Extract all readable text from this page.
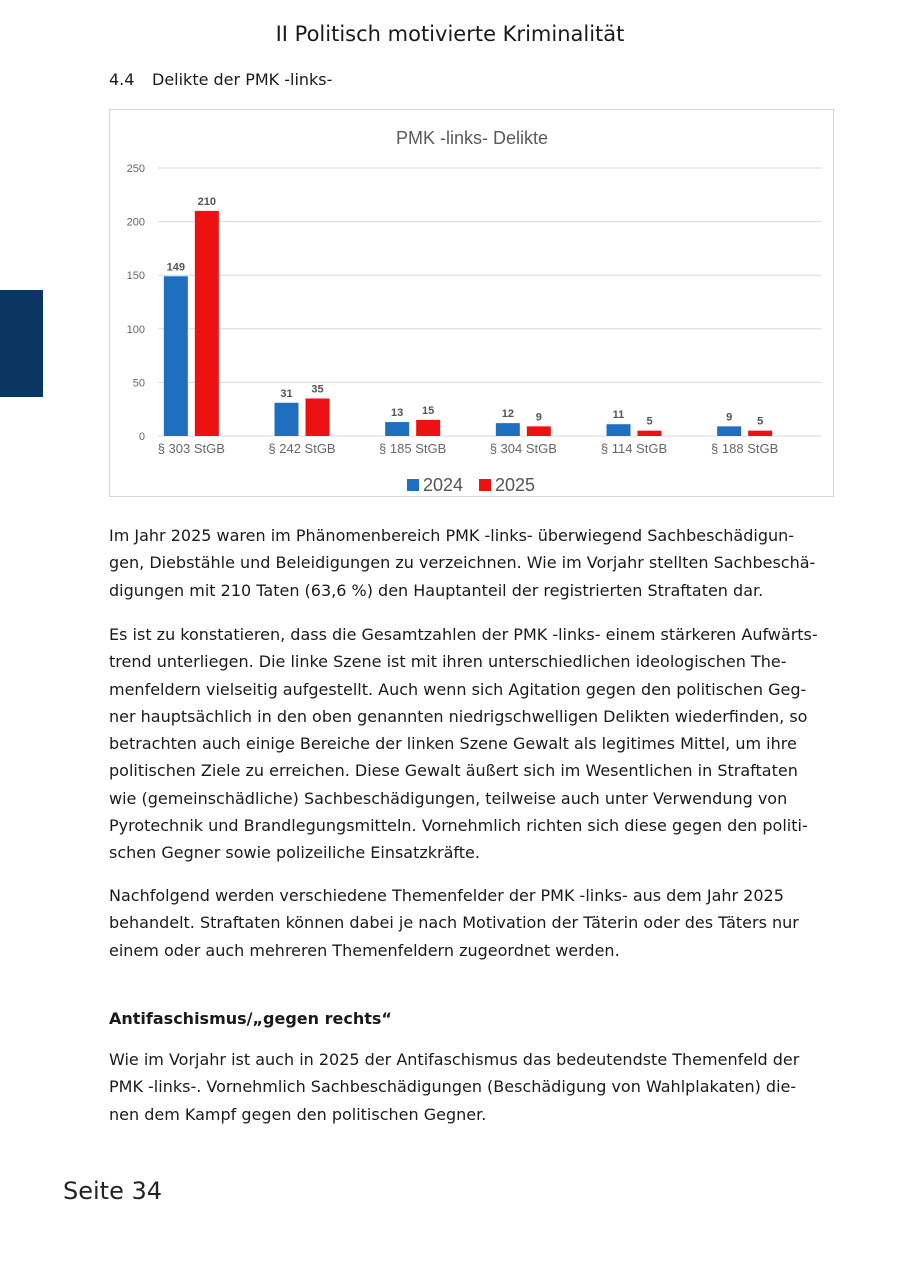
II Politisch motivierte Kriminalität
4.4 Delikte der PMK -links-
PMK -links- Delikte
0
50
100
150
200
250
149
210
§ 303 StGB
31 35
§ 242 StGB
13 15
§ 185 StGB
12 9
§ 304 StGB
11
5
§ 114 StGB
9 5
§ 188 StGB
2024 2025

Im Jahr 2025 waren im Phänomenbereich PMK -links- überwiegend Sachbeschädigun-
gen, Diebstähle und Beleidigungen zu verzeichnen. Wie im Vorjahr stellten Sachbeschä-
digungen mit 210 Taten (63,6 %) den Hauptanteil der registrierten Straftaten dar.

Es ist zu konstatieren, dass die Gesamtzahlen der PMK -links- einem stärkeren Aufwärts-
trend unterliegen. Die linke Szene ist mit ihren unterschiedlichen ideologischen The-
menfeldern vielseitig aufgestellt. Auch wenn sich Agitation gegen den politischen Geg-
ner hauptsächlich in den oben genannten niedrigschwelligen Delikten wiederfinden, so
betrachten auch einige Bereiche der linken Szene Gewalt als legitimes Mittel, um ihre
politischen Ziele zu erreichen. Diese Gewalt äußert sich im Wesentlichen in Straftaten
wie (gemeinschädliche) Sachbeschädigungen, teilweise auch unter Verwendung von
Pyrotechnik und Brandlegungsmitteln. Vornehmlich richten sich diese gegen den politi-
schen Gegner sowie polizeiliche Einsatzkräfte.

Nachfolgend werden verschiedene Themenfelder der PMK -links- aus dem Jahr 2025
behandelt. Straftaten können dabei je nach Motivation der Täterin oder des Täters nur
einem oder auch mehreren Themenfeldern zugeordnet werden.

Antifaschismus/„gegen rechts“

Wie im Vorjahr ist auch in 2025 der Antifaschismus das bedeutendste Themenfeld der
PMK -links-. Vornehmlich Sachbeschädigungen (Beschädigung von Wahlplakaten) die-
nen dem Kampf gegen den politischen Gegner.

Seite 34
